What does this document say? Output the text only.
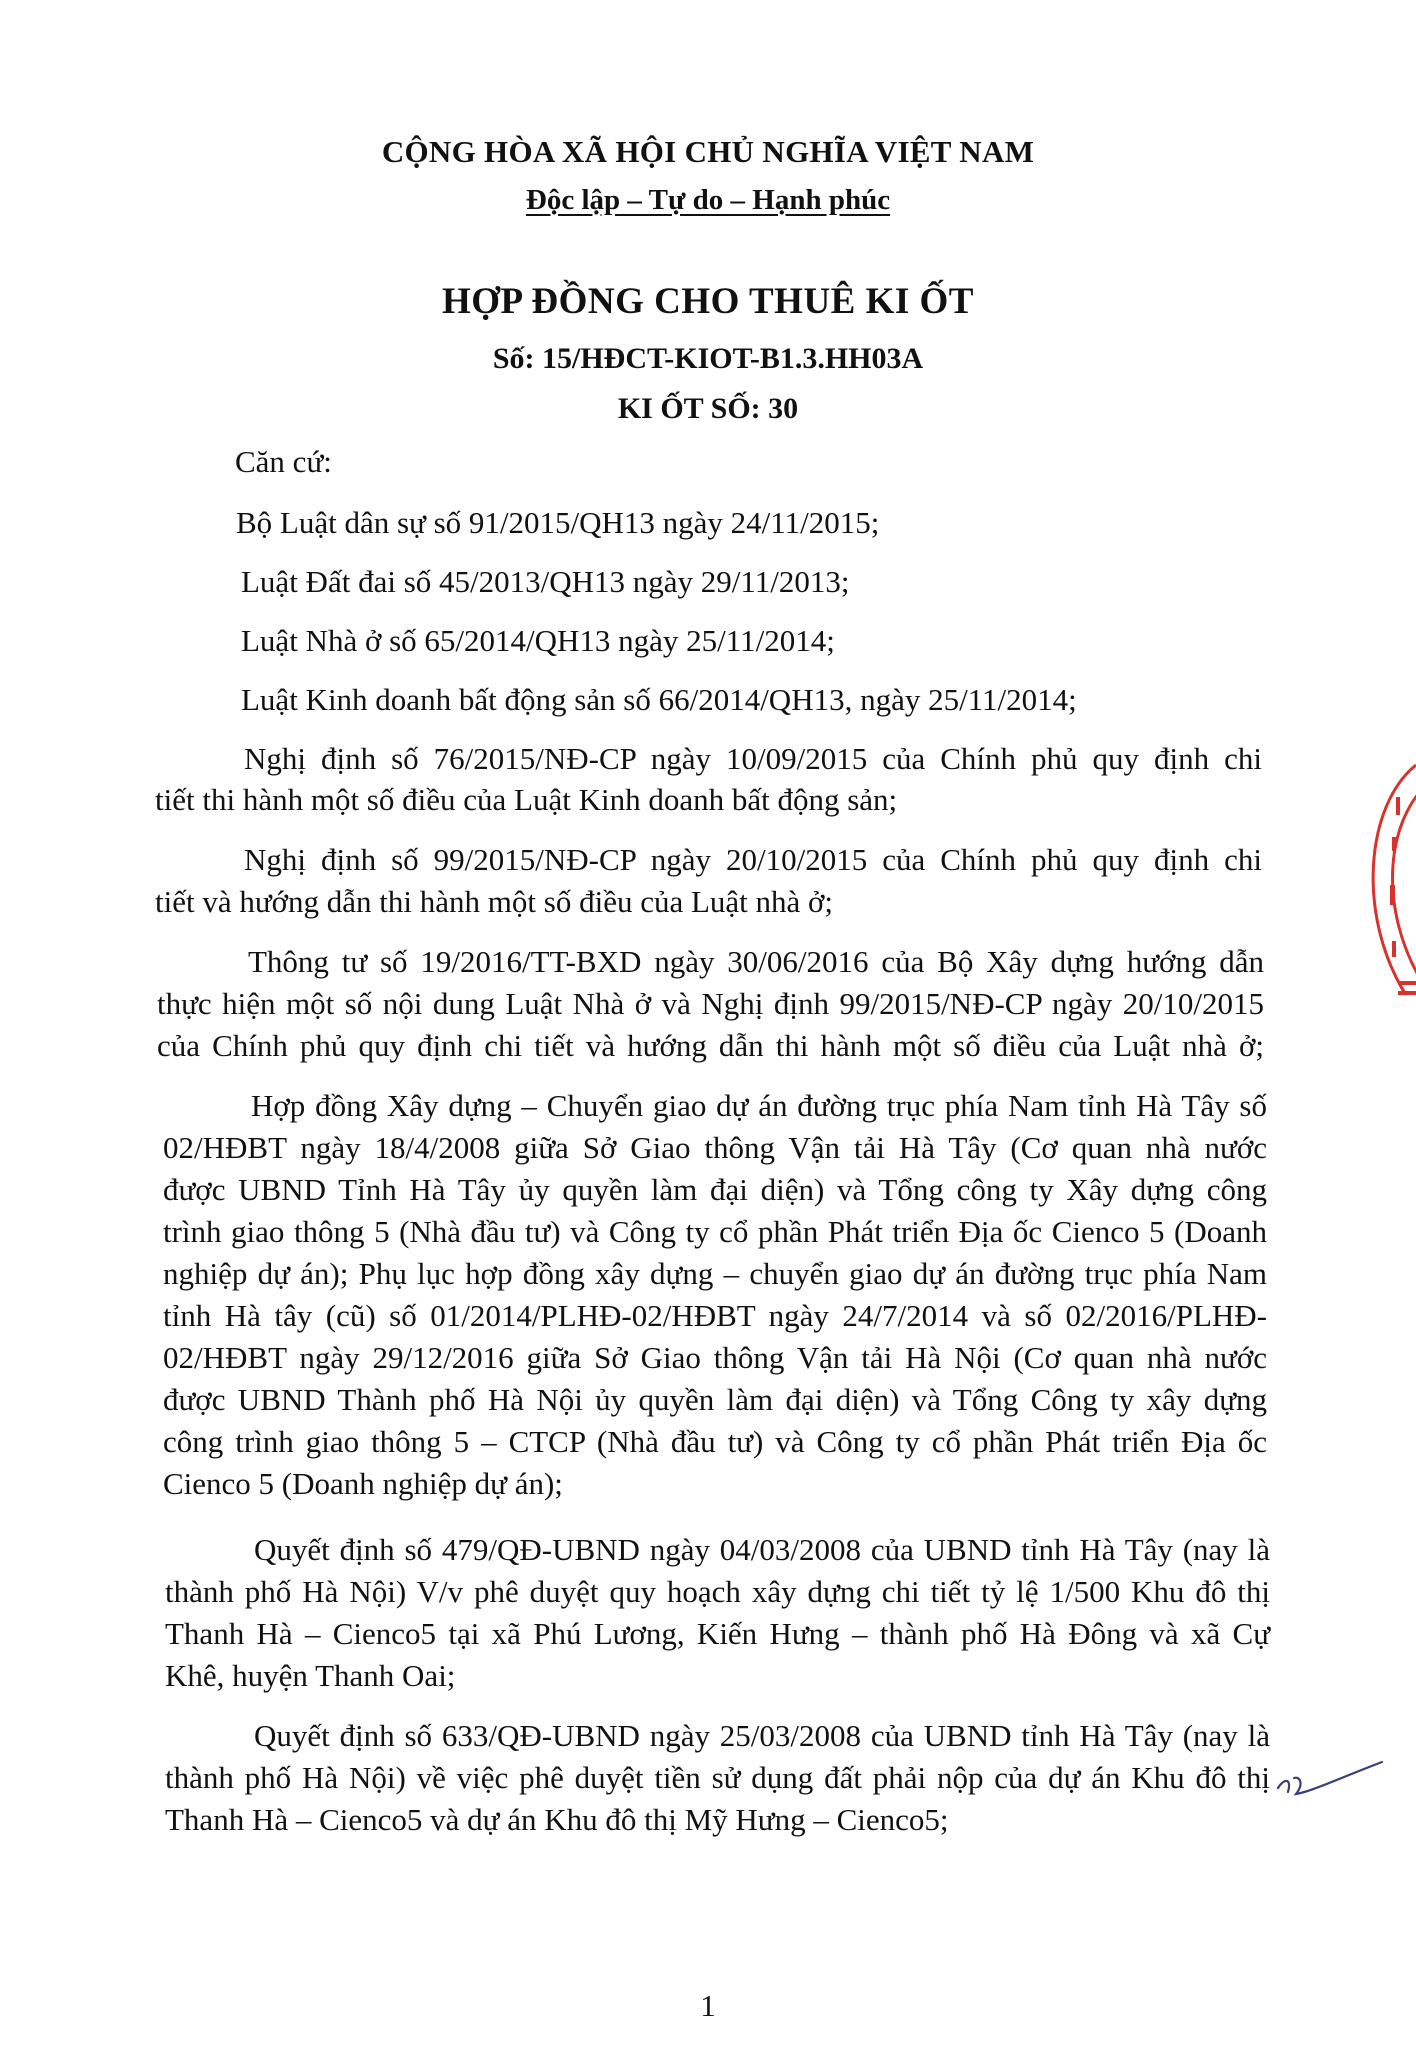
CỘNG HÒA XÃ HỘI CHỦ NGHĨA VIỆT NAM
Độc lập – Tự do – Hạnh phúc
HỢP ĐỒNG CHO THUÊ KI ỐT
Số: 15/HĐCT-KIOT-B1.3.HH03A
KI ỐT SỐ: 30
Căn cứ:
Bộ Luật dân sự số 91/2015/QH13 ngày 24/11/2015;
Luật Đất đai số 45/2013/QH13 ngày 29/11/2013;
Luật Nhà ở số 65/2014/QH13 ngày 25/11/2014;
Luật Kinh doanh bất động sản số 66/2014/QH13, ngày 25/11/2014;
Nghị định số 76/2015/NĐ-CP ngày 10/09/2015 của Chính phủ quy định chi
tiết thi hành một số điều của Luật Kinh doanh bất động sản;
Nghị định số 99/2015/NĐ-CP ngày 20/10/2015 của Chính phủ quy định chi
tiết và hướng dẫn thi hành một số điều của Luật nhà ở;
Thông tư số 19/2016/TT-BXD ngày 30/06/2016 của Bộ Xây dựng hướng dẫn
thực hiện một số nội dung Luật Nhà ở và Nghị định 99/2015/NĐ-CP ngày 20/10/2015
của Chính phủ quy định chi tiết và hướng dẫn thi hành một số điều của Luật nhà ở;
Hợp đồng Xây dựng – Chuyển giao dự án đường trục phía Nam tỉnh Hà Tây số
02/HĐBT ngày 18/4/2008 giữa Sở Giao thông Vận tải Hà Tây (Cơ quan nhà nước
được UBND Tỉnh Hà Tây ủy quyền làm đại diện) và Tổng công ty Xây dựng công
trình giao thông 5 (Nhà đầu tư) và Công ty cổ phần Phát triển Địa ốc Cienco 5 (Doanh
nghiệp dự án); Phụ lục hợp đồng xây dựng – chuyển giao dự án đường trục phía Nam
tỉnh Hà tây (cũ) số 01/2014/PLHĐ-02/HĐBT ngày 24/7/2014 và số 02/2016/PLHĐ-
02/HĐBT ngày 29/12/2016 giữa Sở Giao thông Vận tải Hà Nội (Cơ quan nhà nước
được UBND Thành phố Hà Nội ủy quyền làm đại diện) và Tổng Công ty xây dựng
công trình giao thông 5 – CTCP (Nhà đầu tư) và Công ty cổ phần Phát triển Địa ốc
Cienco 5 (Doanh nghiệp dự án);
Quyết định số 479/QĐ-UBND ngày 04/03/2008 của UBND tỉnh Hà Tây (nay là
thành phố Hà Nội) V/v phê duyệt quy hoạch xây dựng chi tiết tỷ lệ 1/500 Khu đô thị
Thanh Hà – Cienco5 tại xã Phú Lương, Kiến Hưng – thành phố Hà Đông và xã Cự
Khê, huyện Thanh Oai;
Quyết định số 633/QĐ-UBND ngày 25/03/2008 của UBND tỉnh Hà Tây (nay là
thành phố Hà Nội) về việc phê duyệt tiền sử dụng đất phải nộp của dự án Khu đô thị
Thanh Hà – Cienco5 và dự án Khu đô thị Mỹ Hưng – Cienco5;
1
